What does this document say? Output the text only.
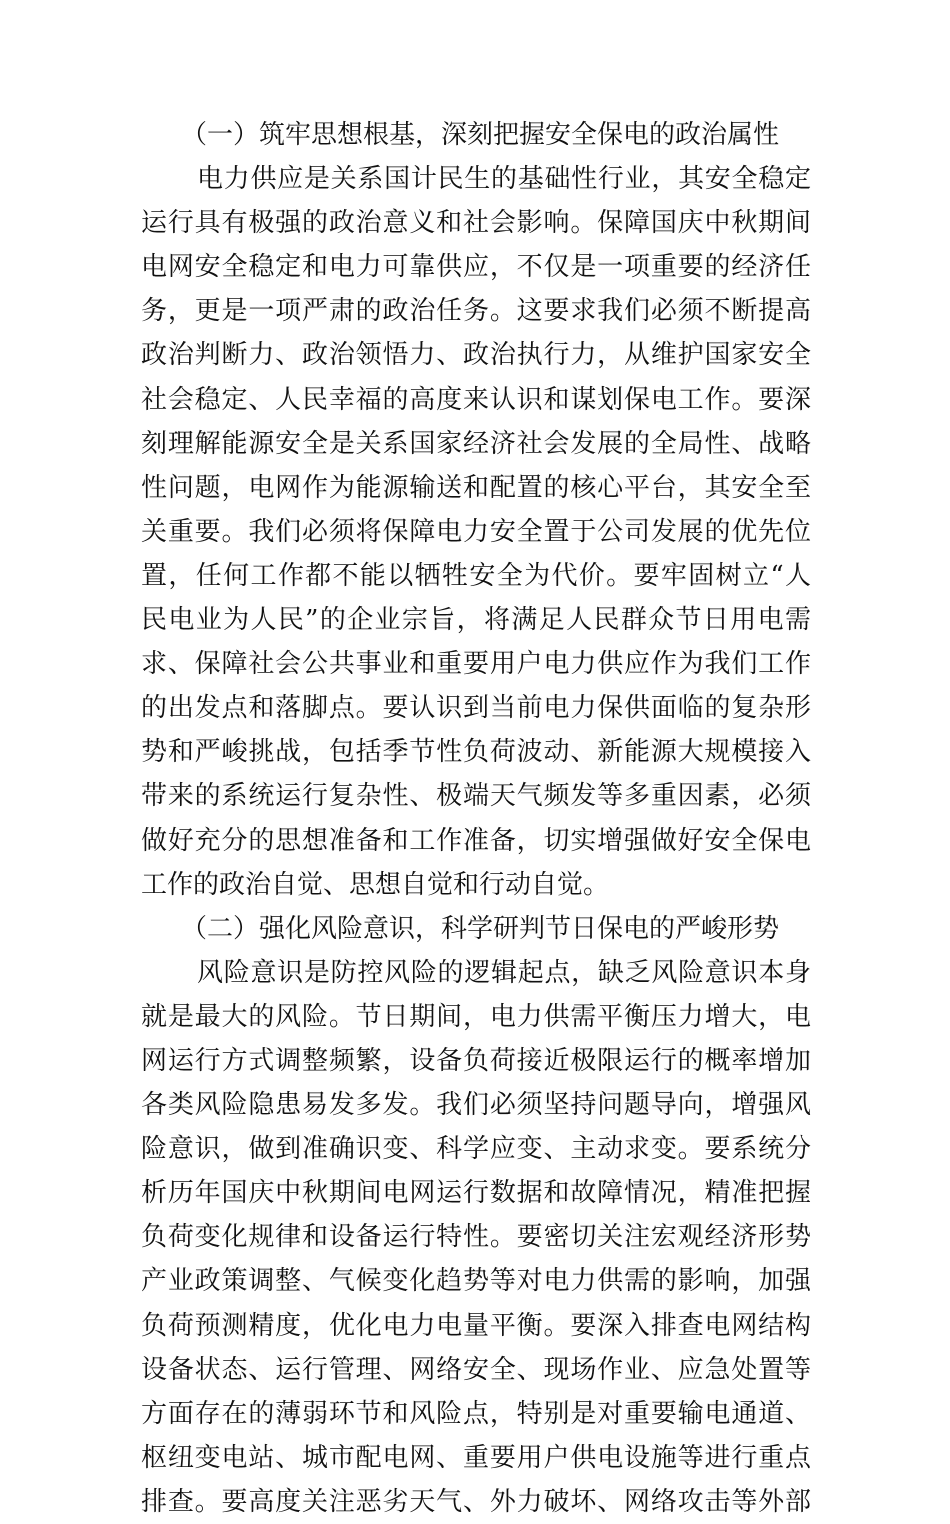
（一）筑牢思想根基，深刻把握安全保电的政治属性
电力供应是关系国计民生的基础性行业，其安全稳定
运行具有极强的政治意义和社会影响。保障国庆中秋期间
电网安全稳定和电力可靠供应，不仅是一项重要的经济任
务，更是一项严肃的政治任务。这要求我们必须不断提高
政治判断力、政治领悟力、政治执行力，从维护国家安全
社会稳定、人民幸福的高度来认识和谋划保电工作。要深
刻理解能源安全是关系国家经济社会发展的全局性、战略
性问题，电网作为能源输送和配置的核心平台，其安全至
关重要。我们必须将保障电力安全置于公司发展的优先位
置，任何工作都不能以牺牲安全为代价。要牢固树立“人
民电业为人民”的企业宗旨，将满足人民群众节日用电需
求、保障社会公共事业和重要用户电力供应作为我们工作
的出发点和落脚点。要认识到当前电力保供面临的复杂形
势和严峻挑战，包括季节性负荷波动、新能源大规模接入
带来的系统运行复杂性、极端天气频发等多重因素，必须
做好充分的思想准备和工作准备，切实增强做好安全保电
工作的政治自觉、思想自觉和行动自觉。
（二）强化风险意识，科学研判节日保电的严峻形势
风险意识是防控风险的逻辑起点，缺乏风险意识本身
就是最大的风险。节日期间，电力供需平衡压力增大，电
网运行方式调整频繁，设备负荷接近极限运行的概率增加
各类风险隐患易发多发。我们必须坚持问题导向，增强风
险意识，做到准确识变、科学应变、主动求变。要系统分
析历年国庆中秋期间电网运行数据和故障情况，精准把握
负荷变化规律和设备运行特性。要密切关注宏观经济形势
产业政策调整、气候变化趋势等对电力供需的影响，加强
负荷预测精度，优化电力电量平衡。要深入排查电网结构
设备状态、运行管理、网络安全、现场作业、应急处置等
方面存在的薄弱环节和风险点，特别是对重要输电通道、
枢纽变电站、城市配电网、重要用户供电设施等进行重点
排查。要高度关注恶劣天气、外力破坏、网络攻击等外部
